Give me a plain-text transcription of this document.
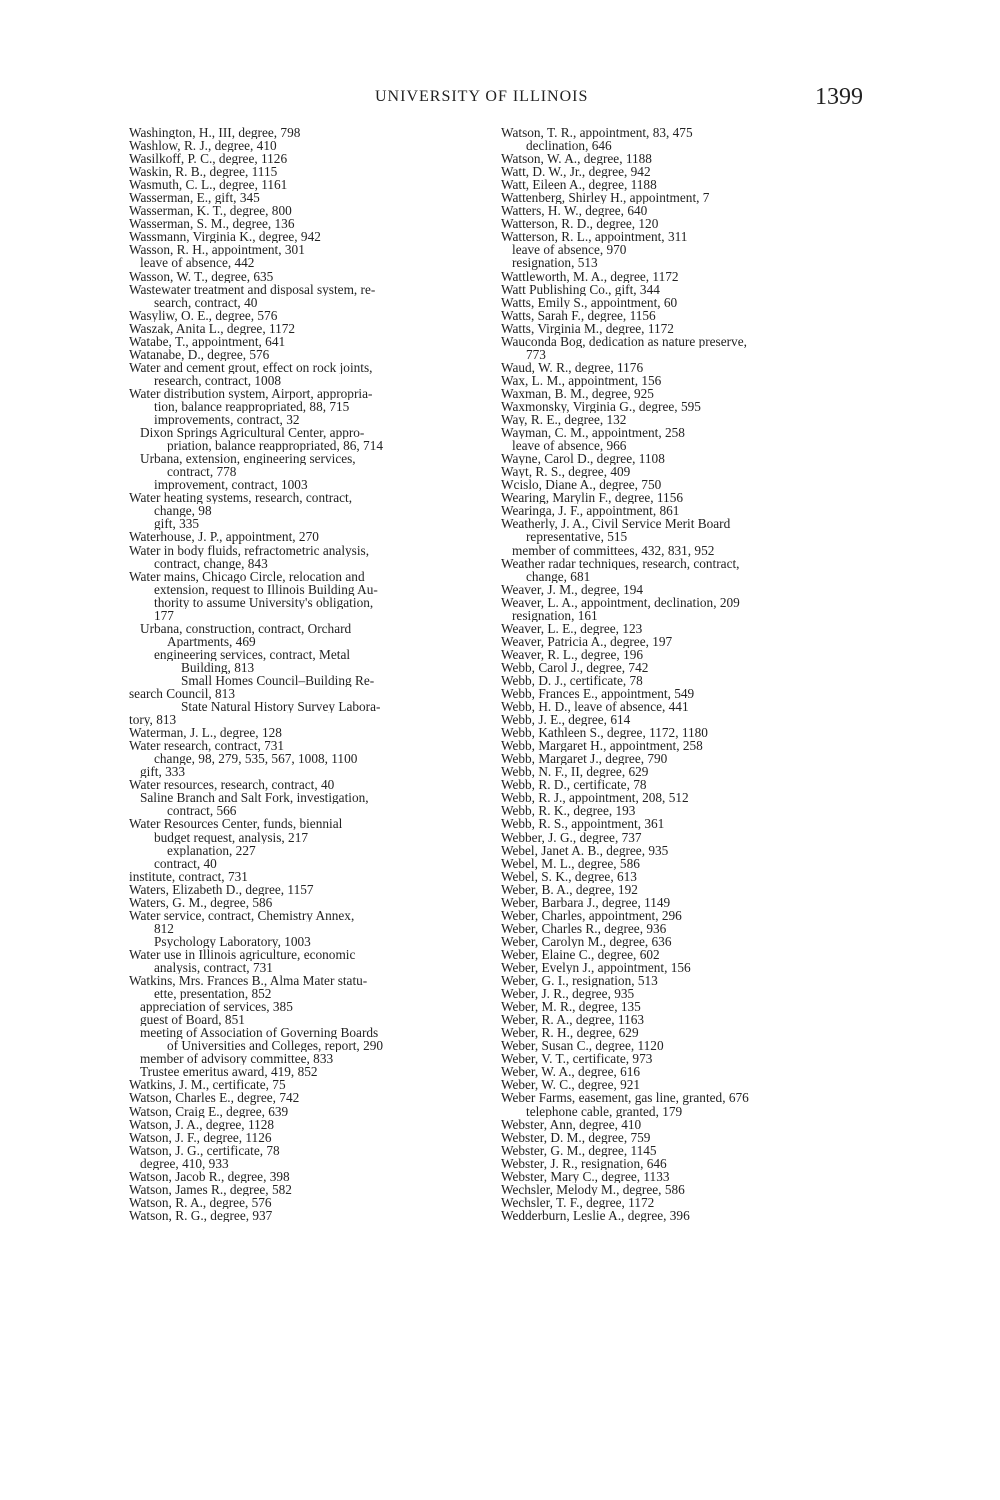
UNIVERSITY OF ILLINOIS	1399
Washington, H., III, degree, 798
Washlow, R. J., degree, 410
Wasilkoff, P. C., degree, 1126
Waskin, R. B., degree, 1115
Wasmuth, C. L., degree, 1161
Wasserman, E., gift, 345
Wasserman, K. T., degree, 800
Wasserman, S. M., degree, 136
Wassmann, Virginia K., degree, 942
Wasson, R. H., appointment, 301
leave of absence, 442
Wasson, W. T., degree, 635
Wastewater treatment and disposal system, re-
search, contract, 40
Wasyliw, O. E., degree, 576
Waszak, Anita L., degree, 1172
Watabe, T., appointment, 641
Watanabe, D., degree, 576
Water and cement grout, effect on rock joints,
research, contract, 1008
Water distribution system, Airport, appropria-
tion, balance reappropriated, 88, 715
improvements, contract, 32
Dixon Springs Agricultural Center, appro-
priation, balance reappropriated, 86, 714
Urbana, extension, engineering services,
contract, 778
improvement, contract, 1003
Water heating systems, research, contract,
change, 98
gift, 335
Waterhouse, J. P., appointment, 270
Water in body fluids, refractometric analysis,
contract, change, 843
Water mains, Chicago Circle, relocation and
extension, request to Illinois Building Au-
thority to assume University's obligation,
177
Urbana, construction, contract, Orchard
Apartments, 469
engineering services, contract, Metal
Building, 813
Small Homes Council–Building Re-
search Council, 813
State Natural History Survey Labora-
tory, 813
Waterman, J. L., degree, 128
Water research, contract, 731
change, 98, 279, 535, 567, 1008, 1100
gift, 333
Water resources, research, contract, 40
Saline Branch and Salt Fork, investigation,
contract, 566
Water Resources Center, funds, biennial
budget request, analysis, 217
explanation, 227
contract, 40
institute, contract, 731
Waters, Elizabeth D., degree, 1157
Waters, G. M., degree, 586
Water service, contract, Chemistry Annex,
812
Psychology Laboratory, 1003
Water use in Illinois agriculture, economic
analysis, contract, 731
Watkins, Mrs. Frances B., Alma Mater statu-
ette, presentation, 852
appreciation of services, 385
guest of Board, 851
meeting of Association of Governing Boards
of Universities and Colleges, report, 290
member of advisory committee, 833
Trustee emeritus award, 419, 852
Watkins, J. M., certificate, 75
Watson, Charles E., degree, 742
Watson, Craig E., degree, 639
Watson, J. A., degree, 1128
Watson, J. F., degree, 1126
Watson, J. G., certificate, 78
degree, 410, 933
Watson, Jacob R., degree, 398
Watson, James R., degree, 582
Watson, R. A., degree, 576
Watson, R. G., degree, 937
Watson, T. R., appointment, 83, 475
declination, 646
Watson, W. A., degree, 1188
Watt, D. W., Jr., degree, 942
Watt, Eileen A., degree, 1188
Wattenberg, Shirley H., appointment, 7
Watters, H. W., degree, 640
Watterson, R. D., degree, 120
Watterson, R. L., appointment, 311
leave of absence, 970
resignation, 513
Wattleworth, M. A., degree, 1172
Watt Publishing Co., gift, 344
Watts, Emily S., appointment, 60
Watts, Sarah F., degree, 1156
Watts, Virginia M., degree, 1172
Wauconda Bog, dedication as nature preserve,
773
Waud, W. R., degree, 1176
Wax, L. M., appointment, 156
Waxman, B. M., degree, 925
Waxmonsky, Virginia G., degree, 595
Way, R. E., degree, 132
Wayman, C. M., appointment, 258
leave of absence, 966
Wayne, Carol D., degree, 1108
Wayt, R. S., degree, 409
Wcislo, Diane A., degree, 750
Wearing, Marylin F., degree, 1156
Wearinga, J. F., appointment, 861
Weatherly, J. A., Civil Service Merit Board
representative, 515
member of committees, 432, 831, 952
Weather radar techniques, research, contract,
change, 681
Weaver, J. M., degree, 194
Weaver, L. A., appointment, declination, 209
resignation, 161
Weaver, L. E., degree, 123
Weaver, Patricia A., degree, 197
Weaver, R. L., degree, 196
Webb, Carol J., degree, 742
Webb, D. J., certificate, 78
Webb, Frances E., appointment, 549
Webb, H. D., leave of absence, 441
Webb, J. E., degree, 614
Webb, Kathleen S., degree, 1172, 1180
Webb, Margaret H., appointment, 258
Webb, Margaret J., degree, 790
Webb, N. F., II, degree, 629
Webb, R. D., certificate, 78
Webb, R. J., appointment, 208, 512
Webb, R. K., degree, 193
Webb, R. S., appointment, 361
Webber, J. G., degree, 737
Webel, Janet A. B., degree, 935
Webel, M. L., degree, 586
Webel, S. K., degree, 613
Weber, B. A., degree, 192
Weber, Barbara J., degree, 1149
Weber, Charles, appointment, 296
Weber, Charles R., degree, 936
Weber, Carolyn M., degree, 636
Weber, Elaine C., degree, 602
Weber, Evelyn J., appointment, 156
Weber, G. I., resignation, 513
Weber, J. R., degree, 935
Weber, M. R., degree, 135
Weber, R. A., degree, 1163
Weber, R. H., degree, 629
Weber, Susan C., degree, 1120
Weber, V. T., certificate, 973
Weber, W. A., degree, 616
Weber, W. C., degree, 921
Weber Farms, easement, gas line, granted, 676
telephone cable, granted, 179
Webster, Ann, degree, 410
Webster, D. M., degree, 759
Webster, G. M., degree, 1145
Webster, J. R., resignation, 646
Webster, Mary C., degree, 1133
Wechsler, Melody M., degree, 586
Wechsler, T. F., degree, 1172
Wedderburn, Leslie A., degree, 396
